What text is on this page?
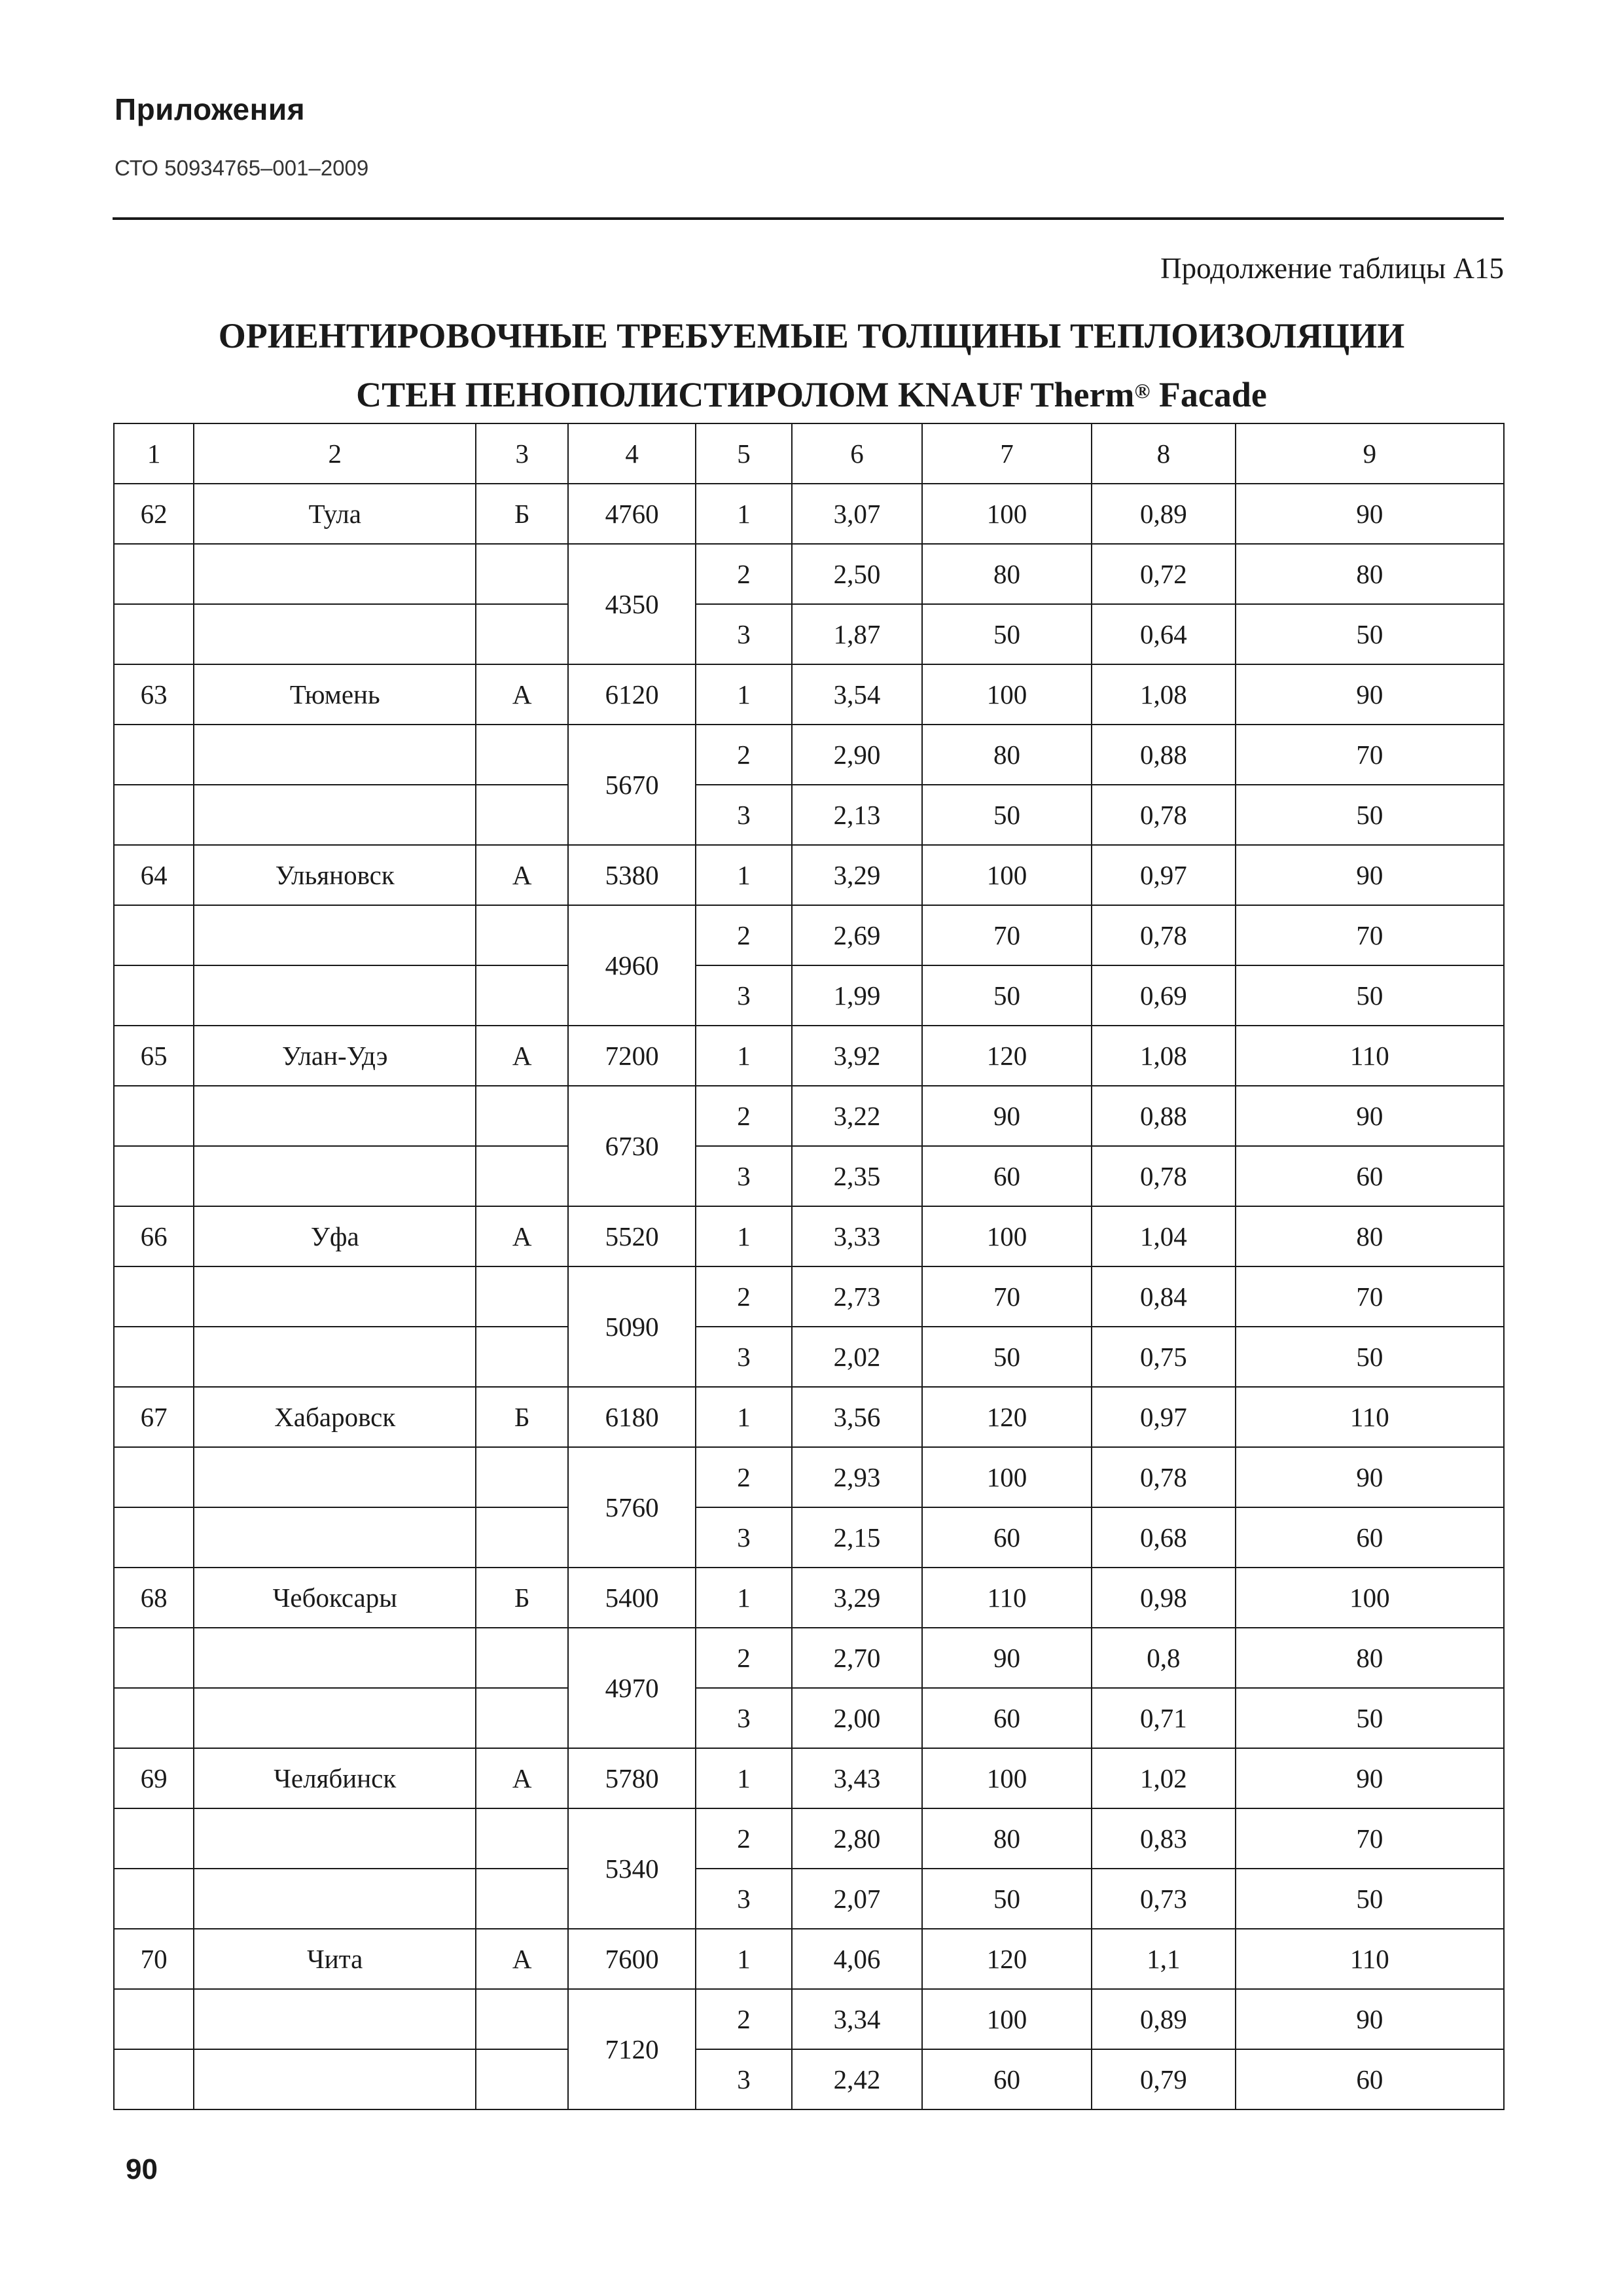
Приложения
СТО 50934765–001–2009
Продолжение таблицы А15
ОРИЕНТИРОВОЧНЫЕ ТРЕБУЕМЫЕ ТОЛЩИНЫ ТЕПЛОИЗОЛЯЦИИ
СТЕН ПЕНОПОЛИСТИРОЛОМ KNAUF Therm® Facade
1	2	3	4	5	6	7	8	9
62	Тула	Б	4760	1	3,07	100	0,89	90
			4350	2	2,50	80	0,72	80
				3	1,87	50	0,64	50
63	Тюмень	А	6120	1	3,54	100	1,08	90
			5670	2	2,90	80	0,88	70
				3	2,13	50	0,78	50
64	Ульяновск	А	5380	1	3,29	100	0,97	90
			4960	2	2,69	70	0,78	70
				3	1,99	50	0,69	50
65	Улан-Удэ	А	7200	1	3,92	120	1,08	110
			6730	2	3,22	90	0,88	90
				3	2,35	60	0,78	60
66	Уфа	А	5520	1	3,33	100	1,04	80
			5090	2	2,73	70	0,84	70
				3	2,02	50	0,75	50
67	Хабаровск	Б	6180	1	3,56	120	0,97	110
			5760	2	2,93	100	0,78	90
				3	2,15	60	0,68	60
68	Чебоксары	Б	5400	1	3,29	110	0,98	100
			4970	2	2,70	90	0,8	80
				3	2,00	60	0,71	50
69	Челябинск	А	5780	1	3,43	100	1,02	90
			5340	2	2,80	80	0,83	70
				3	2,07	50	0,73	50
70	Чита	А	7600	1	4,06	120	1,1	110
			7120	2	3,34	100	0,89	90
				3	2,42	60	0,79	60
90
